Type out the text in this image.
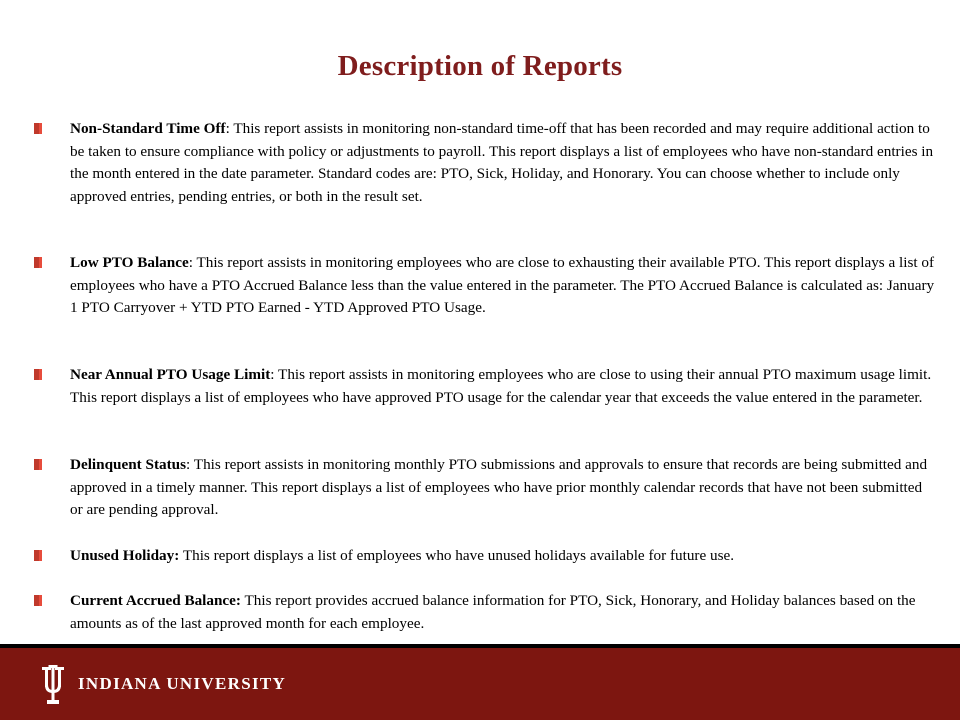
Description of Reports
Non-Standard Time Off: This report assists in monitoring non-standard time-off that has been recorded and may require additional action to be taken to ensure compliance with policy or adjustments to payroll. This report displays a list of employees who have non-standard entries in the month entered in the date parameter. Standard codes are: PTO, Sick, Holiday, and Honorary. You can choose whether to include only approved entries, pending entries, or both in the result set.
Low PTO Balance: This report assists in monitoring employees who are close to exhausting their available PTO. This report displays a list of employees who have a PTO Accrued Balance less than the value entered in the parameter. The PTO Accrued Balance is calculated as: January 1 PTO Carryover + YTD PTO Earned - YTD Approved PTO Usage.
Near Annual PTO Usage Limit: This report assists in monitoring employees who are close to using their annual PTO maximum usage limit. This report displays a list of employees who have approved PTO usage for the calendar year that exceeds the value entered in the parameter.
Delinquent Status: This report assists in monitoring monthly PTO submissions and approvals to ensure that records are being submitted and approved in a timely manner. This report displays a list of employees who have prior monthly calendar records that have not been submitted or are pending approval.
Unused Holiday: This report displays a list of employees who have unused holidays available for future use.
Current Accrued Balance: This report provides accrued balance information for PTO, Sick, Honorary, and Holiday balances based on the amounts as of the last approved month for each employee.
INDIANA UNIVERSITY
